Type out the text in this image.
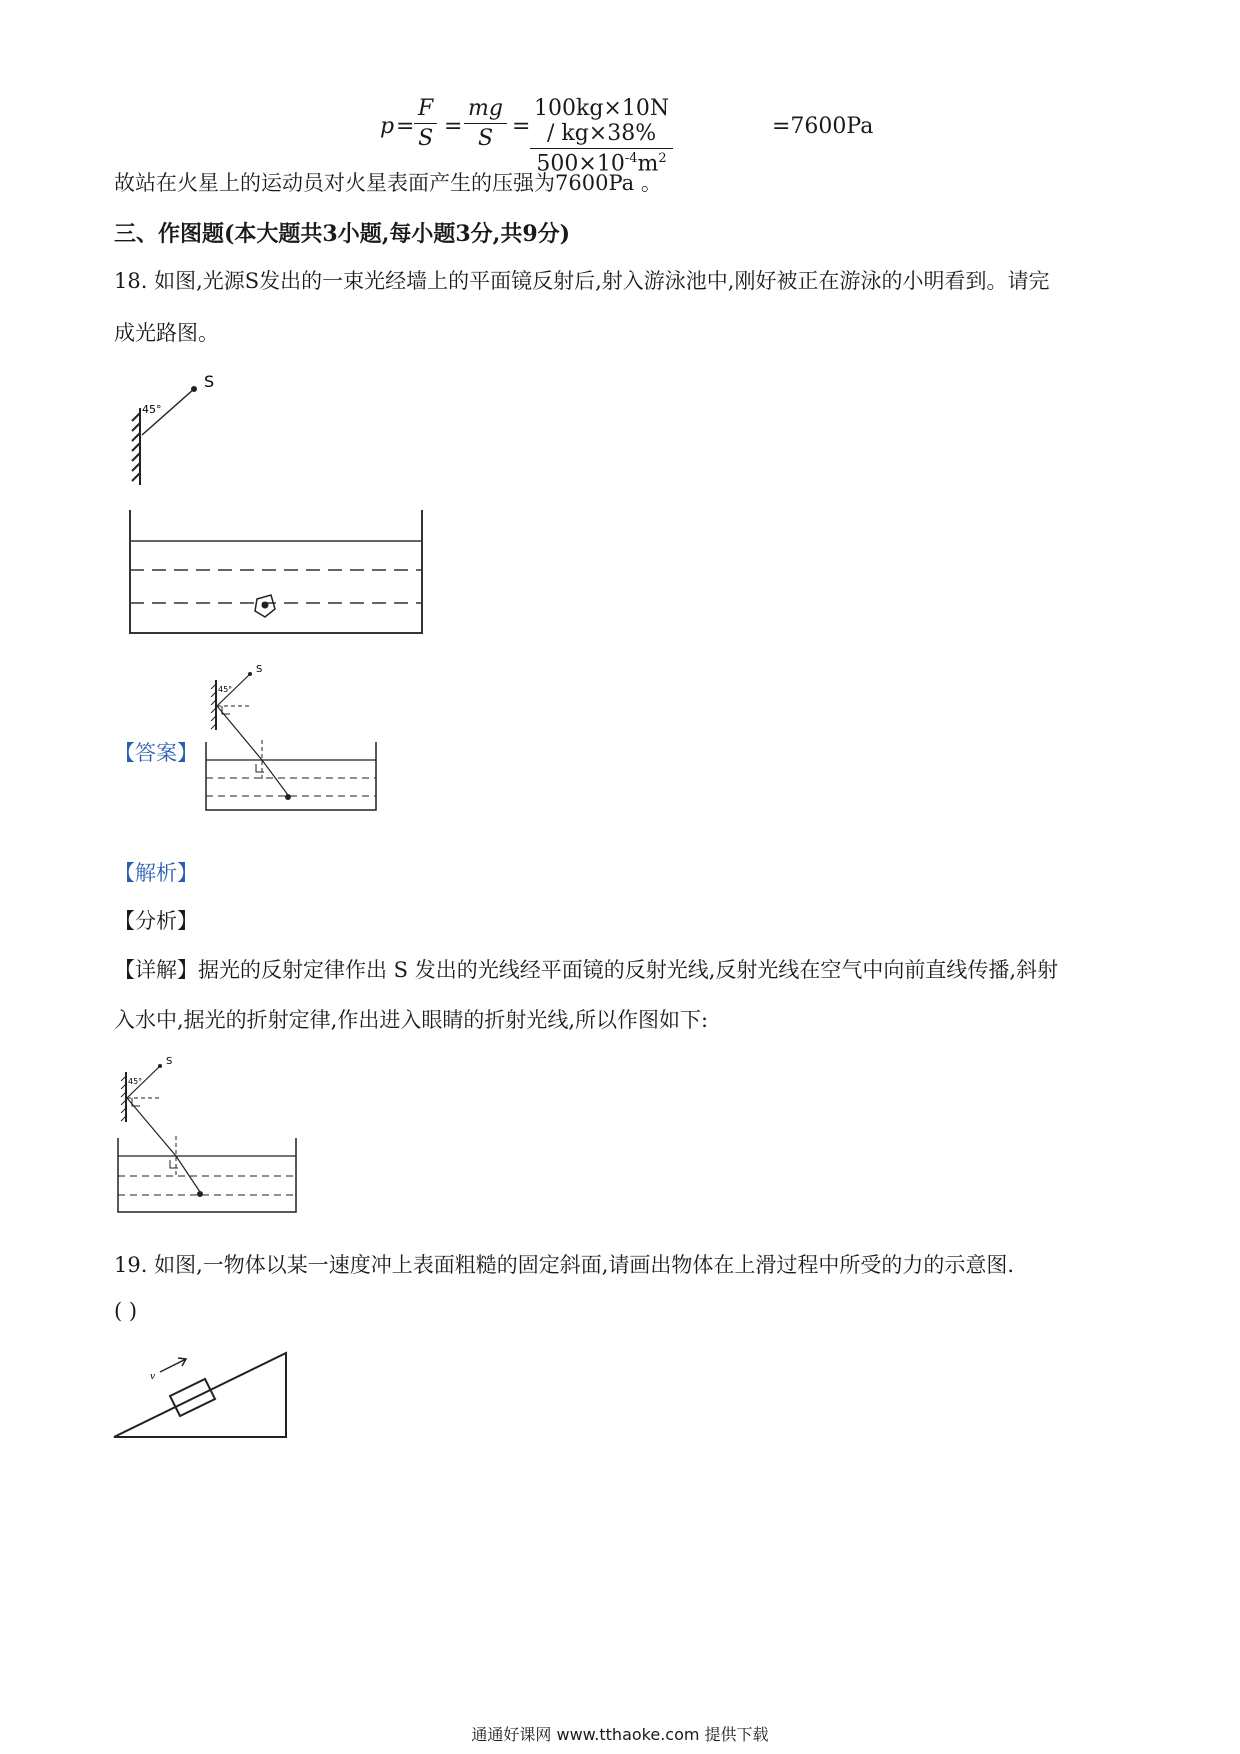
p =
F
S =
mg
S =
100kg×10N / kg×38%
$500\times 10^{-4}m^2$
=7600Pa
故站在火星上的运动员对火星表面产生的压强为7600Pa 。
三、作图题(本大题共3小题,每小题3分,共9分)
18. 如图,光源S发出的一束光经墙上的平面镜反射后,射入游泳池中,刚好被正在游泳的小明看到。请完
成光路图。
S
45°
【答案】
S
45°
【解析】
【分析】
【详解】据光的反射定律作出 S 发出的光线经平面镜的反射光线,反射光线在空气中向前直线传播,斜射
入水中,据光的折射定律,作出进入眼睛的折射光线,所以作图如下:
S
45°
19. 如图,一物体以某一速度冲上表面粗糙的固定斜面,请画出物体在上滑过程中所受的力的示意图.
( )
v
通通好课网 www.tthaoke.com 提供下载
